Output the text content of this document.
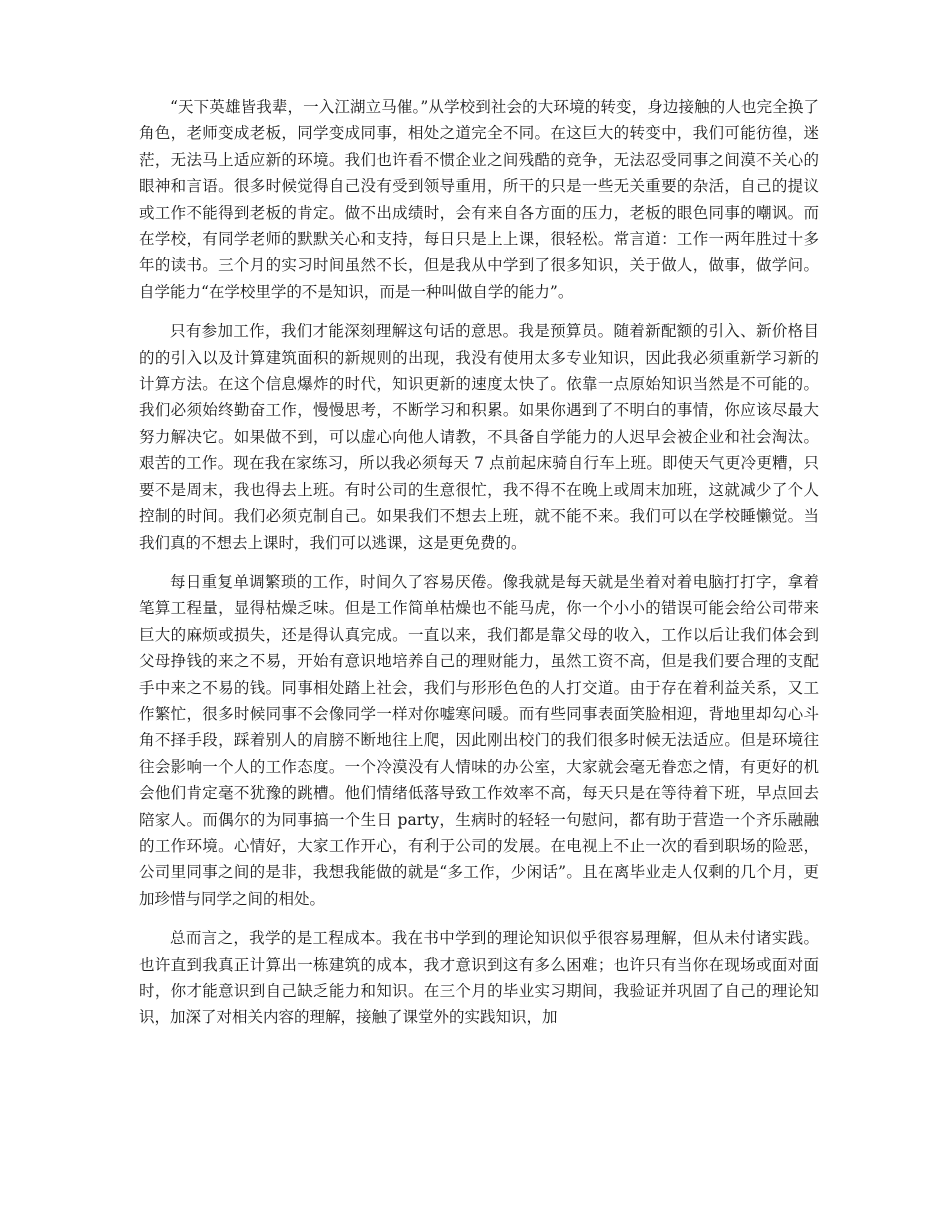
“天下英雄皆我辈，一入江湖立马催。”从学校到社会的大环境的转变，身边接触的人也完全换了角色，老师变成老板，同学变成同事，相处之道完全不同。在这巨大的转变中，我们可能彷徨，迷茫，无法马上适应新的环境。我们也许看不惯企业之间残酷的竞争，无法忍受同事之间漠不关心的眼神和言语。很多时候觉得自己没有受到领导重用，所干的只是一些无关重要的杂活，自己的提议或工作不能得到老板的肯定。做不出成绩时，会有来自各方面的压力，老板的眼色同事的嘲讽。而在学校，有同学老师的默默关心和支持，每日只是上上课，很轻松。常言道：工作一两年胜过十多年的读书。三个月的实习时间虽然不长，但是我从中学到了很多知识，关于做人，做事，做学问。自学能力“在学校里学的不是知识，而是一种叫做自学的能力”。

只有参加工作，我们才能深刻理解这句话的意思。我是预算员。随着新配额的引入、新价格目的的引入以及计算建筑面积的新规则的出现，我没有使用太多专业知识，因此我必须重新学习新的计算方法。在这个信息爆炸的时代，知识更新的速度太快了。依靠一点原始知识当然是不可能的。我们必须始终勤奋工作，慢慢思考，不断学习和积累。如果你遇到了不明白的事情，你应该尽最大努力解决它。如果做不到，可以虚心向他人请教，不具备自学能力的人迟早会被企业和社会淘汰。艰苦的工作。现在我在家练习，所以我必须每天 7 点前起床骑自行车上班。即使天气更冷更糟，只要不是周末，我也得去上班。有时公司的生意很忙，我不得不在晚上或周末加班，这就减少了个人控制的时间。我们必须克制自己。如果我们不想去上班，就不能不来。我们可以在学校睡懒觉。当我们真的不想去上课时，我们可以逃课，这是更免费的。

每日重复单调繁琐的工作，时间久了容易厌倦。像我就是每天就是坐着对着电脑打打字，拿着笔算工程量，显得枯燥乏味。但是工作简单枯燥也不能马虎，你一个小小的错误可能会给公司带来巨大的麻烦或损失，还是得认真完成。一直以来，我们都是靠父母的收入，工作以后让我们体会到父母挣钱的来之不易，开始有意识地培养自己的理财能力，虽然工资不高，但是我们要合理的支配手中来之不易的钱。同事相处踏上社会，我们与形形色色的人打交道。由于存在着利益关系，又工作繁忙，很多时候同事不会像同学一样对你嘘寒问暖。而有些同事表面笑脸相迎，背地里却勾心斗角不择手段，踩着别人的肩膀不断地往上爬，因此刚出校门的我们很多时候无法适应。但是环境往往会影响一个人的工作态度。一个冷漠没有人情味的办公室，大家就会毫无眷恋之情，有更好的机会他们肯定毫不犹豫的跳槽。他们情绪低落导致工作效率不高，每天只是在等待着下班，早点回去陪家人。而偶尔的为同事搞一个生日 party，生病时的轻轻一句慰问，都有助于营造一个齐乐融融的工作环境。心情好，大家工作开心，有利于公司的发展。在电视上不止一次的看到职场的险恶，公司里同事之间的是非，我想我能做的就是“多工作，少闲话”。且在离毕业走人仅剩的几个月，更加珍惜与同学之间的相处。

总而言之，我学的是工程成本。我在书中学到的理论知识似乎很容易理解，但从未付诸实践。也许直到我真正计算出一栋建筑的成本，我才意识到这有多么困难；也许只有当你在现场或面对面时，你才能意识到自己缺乏能力和知识。在三个月的毕业实习期间，我验证并巩固了自己的理论知识，加深了对相关内容的理解，接触了课堂外的实践知识，加
